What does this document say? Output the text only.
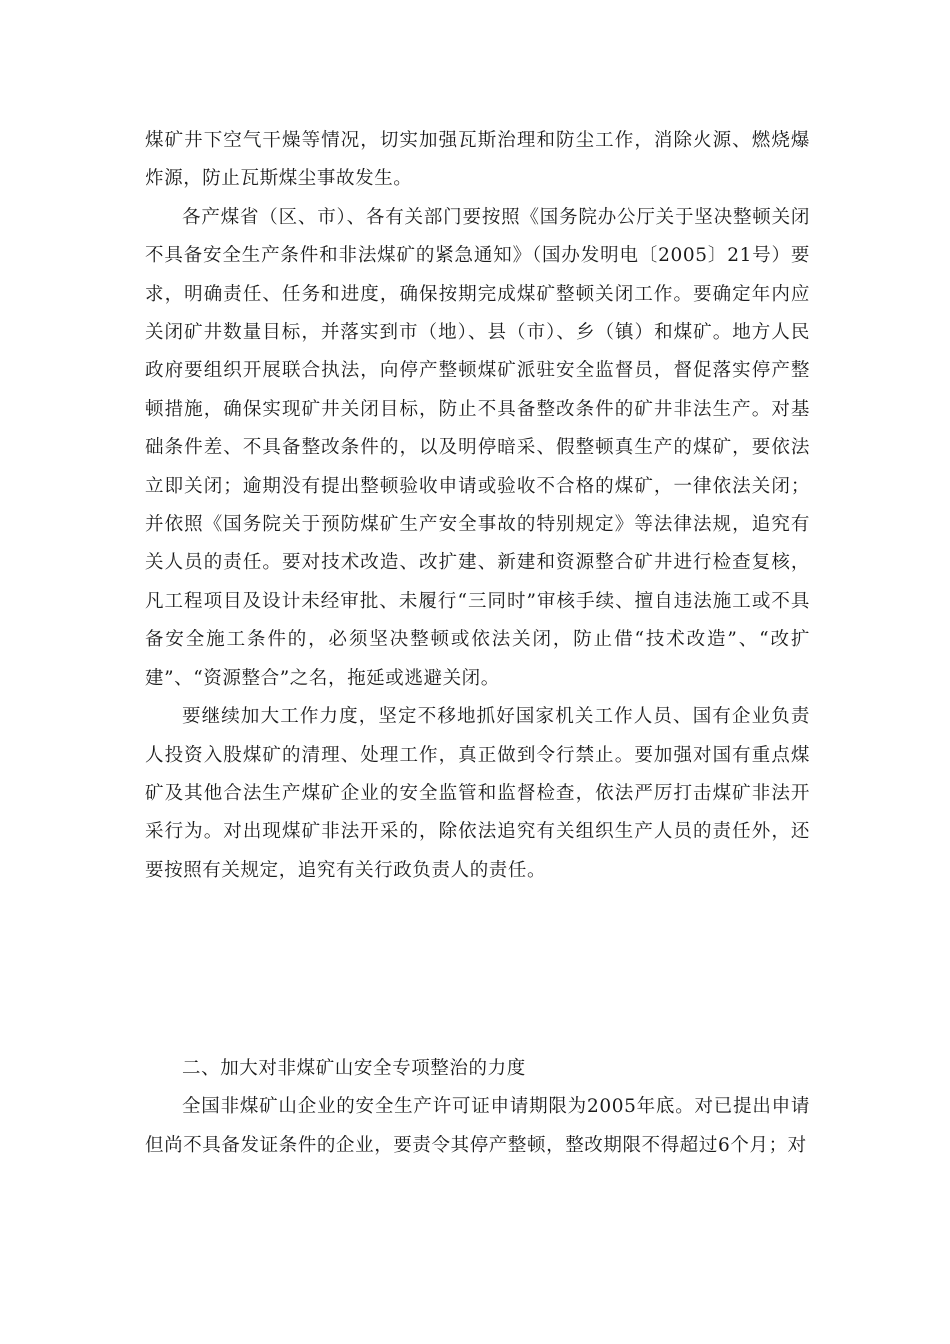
煤矿井下空气干燥等情况，切实加强瓦斯治理和防尘工作，消除火源、燃烧爆炸源，防止瓦斯煤尘事故发生。

各产煤省（区、市）、各有关部门要按照《国务院办公厅关于坚决整顿关闭不具备安全生产条件和非法煤矿的紧急通知》（国办发明电〔2005〕21号）要求，明确责任、任务和进度，确保按期完成煤矿整顿关闭工作。要确定年内应关闭矿井数量目标，并落实到市（地）、县（市）、乡（镇）和煤矿。地方人民政府要组织开展联合执法，向停产整顿煤矿派驻安全监督员，督促落实停产整顿措施，确保实现矿井关闭目标，防止不具备整改条件的矿井非法生产。对基础条件差、不具备整改条件的，以及明停暗采、假整顿真生产的煤矿，要依法立即关闭；逾期没有提出整顿验收申请或验收不合格的煤矿，一律依法关闭；并依照《国务院关于预防煤矿生产安全事故的特别规定》等法律法规，追究有关人员的责任。要对技术改造、改扩建、新建和资源整合矿井进行检查复核，凡工程项目及设计未经审批、未履行“三同时”审核手续、擅自违法施工或不具备安全施工条件的，必须坚决整顿或依法关闭，防止借“技术改造”、“改扩建”、“资源整合”之名，拖延或逃避关闭。

要继续加大工作力度，坚定不移地抓好国家机关工作人员、国有企业负责人投资入股煤矿的清理、处理工作，真正做到令行禁止。要加强对国有重点煤矿及其他合法生产煤矿企业的安全监管和监督检查，依法严厉打击煤矿非法开采行为。对出现煤矿非法开采的，除依法追究有关组织生产人员的责任外，还要按照有关规定，追究有关行政负责人的责任。

二、加大对非煤矿山安全专项整治的力度

全国非煤矿山企业的安全生产许可证申请期限为2005年底。对已提出申请但尚不具备发证条件的企业，要责令其停产整顿，整改期限不得超过6个月；对
